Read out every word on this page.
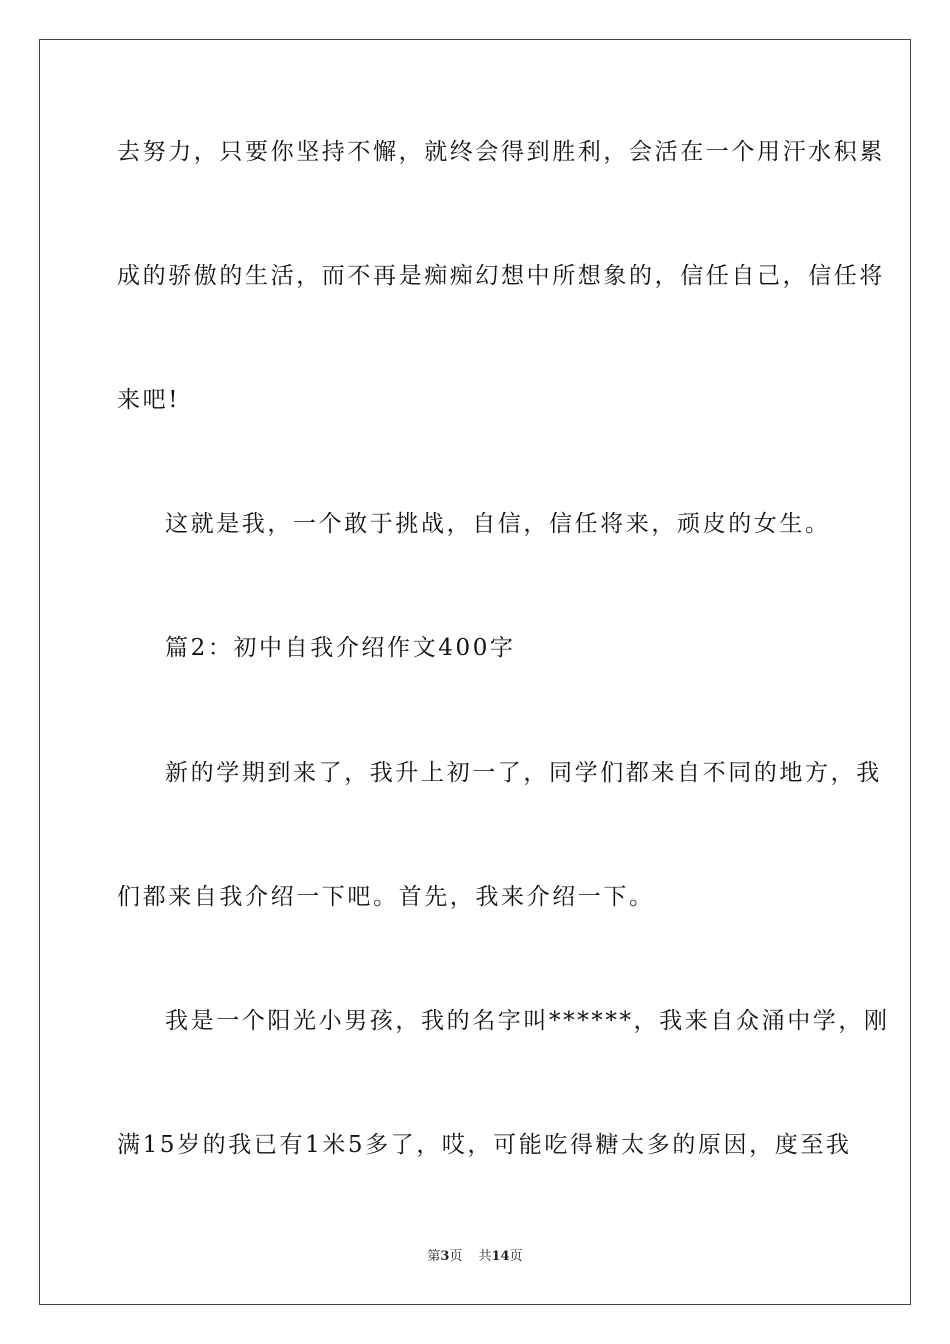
去努力，只要你坚持不懈，就终会得到胜利，会活在一个用汗水积累
成的骄傲的生活，而不再是痴痴幻想中所想象的，信任自己，信任将
来吧!
这就是我，一个敢于挑战，自信，信任将来，顽皮的女生。
篇2：初中自我介绍作文400字
新的学期到来了，我升上初一了，同学们都来自不同的地方，我
们都来自我介绍一下吧。首先，我来介绍一下。
我是一个阳光小男孩，我的名字叫******，我来自众涌中学，刚
满15岁的我已有1米5多了，哎，可能吃得糖太多的原因，度至我
第3页 共14页
